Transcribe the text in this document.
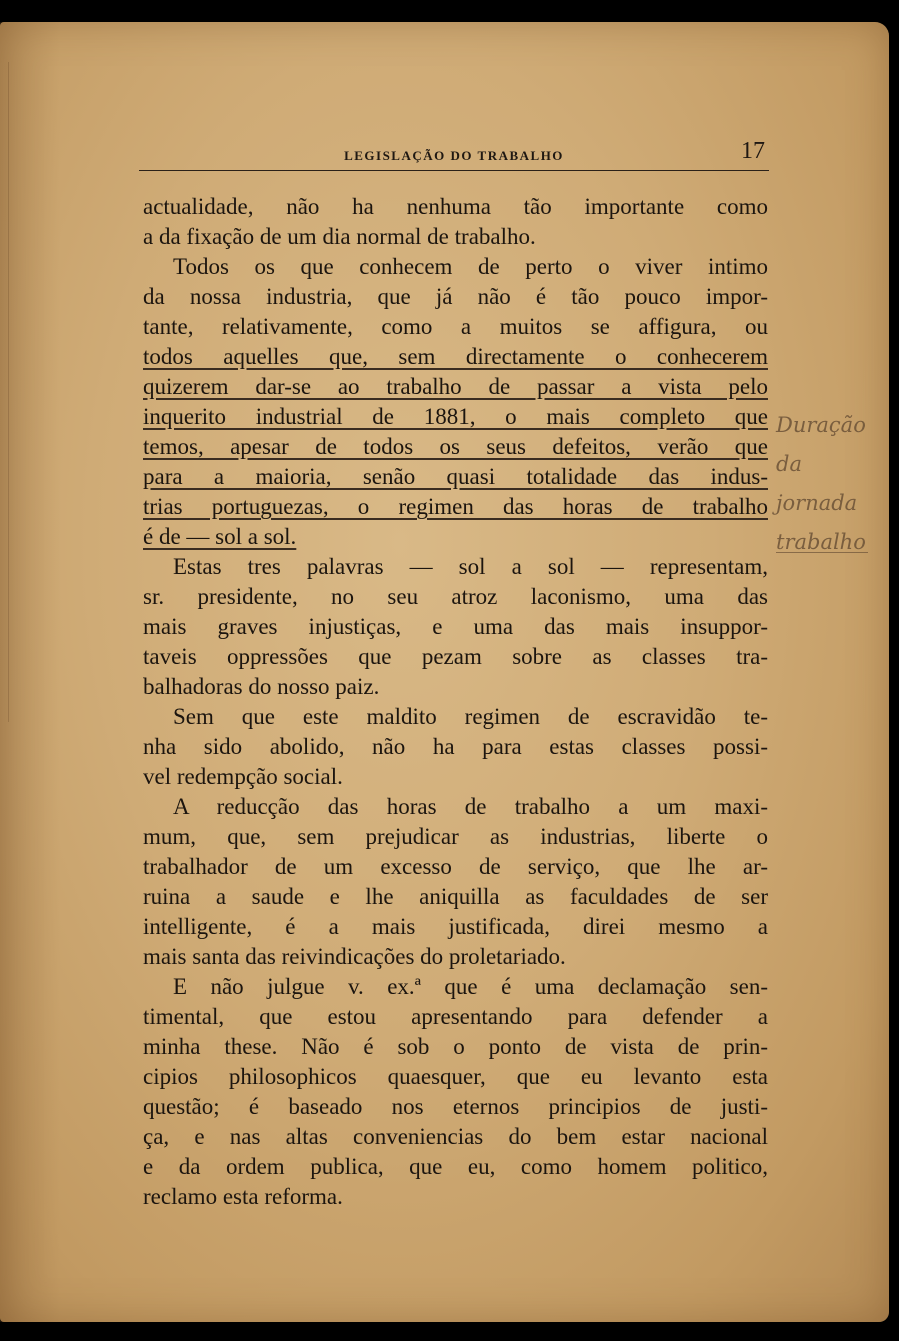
LEGISLAÇÃO DO TRABALHO	17
Duração
da
jornada
trabalho
actualidade, não ha nenhuma tão importante como
a da fixação de um dia normal de trabalho.
Todos os que conhecem de perto o viver intimo
da nossa industria, que já não é tão pouco impor-
tante, relativamente, como a muitos se affigura, ou
todos aquelles que, sem directamente o conhecerem
quizerem dar-se ao trabalho de passar a vista pelo
inquerito industrial de 1881, o mais completo que
temos, apesar de todos os seus defeitos, verão que
para a maioria, senão quasi totalidade das indus-
trias portuguezas, o regimen das horas de trabalho
é de — sol a sol.
Estas tres palavras — sol a sol — representam,
sr. presidente, no seu atroz laconismo, uma das
mais graves injustiças, e uma das mais insuppor-
taveis oppressões que pezam sobre as classes tra-
balhadoras do nosso paiz.
Sem que este maldito regimen de escravidão te-
nha sido abolido, não ha para estas classes possi-
vel redempção social.
A reducção das horas de trabalho a um maxi-
mum, que, sem prejudicar as industrias, liberte o
trabalhador de um excesso de serviço, que lhe ar-
ruina a saude e lhe aniquilla as faculdades de ser
intelligente, é a mais justificada, direi mesmo a
mais santa das reivindicações do proletariado.
E não julgue v. ex.ª que é uma declamação sen-
timental, que estou apresentando para defender a
minha these. Não é sob o ponto de vista de prin-
cipios philosophicos quaesquer, que eu levanto esta
questão; é baseado nos eternos principios de justi-
ça, e nas altas conveniencias do bem estar nacional
e da ordem publica, que eu, como homem politico,
reclamo esta reforma.
